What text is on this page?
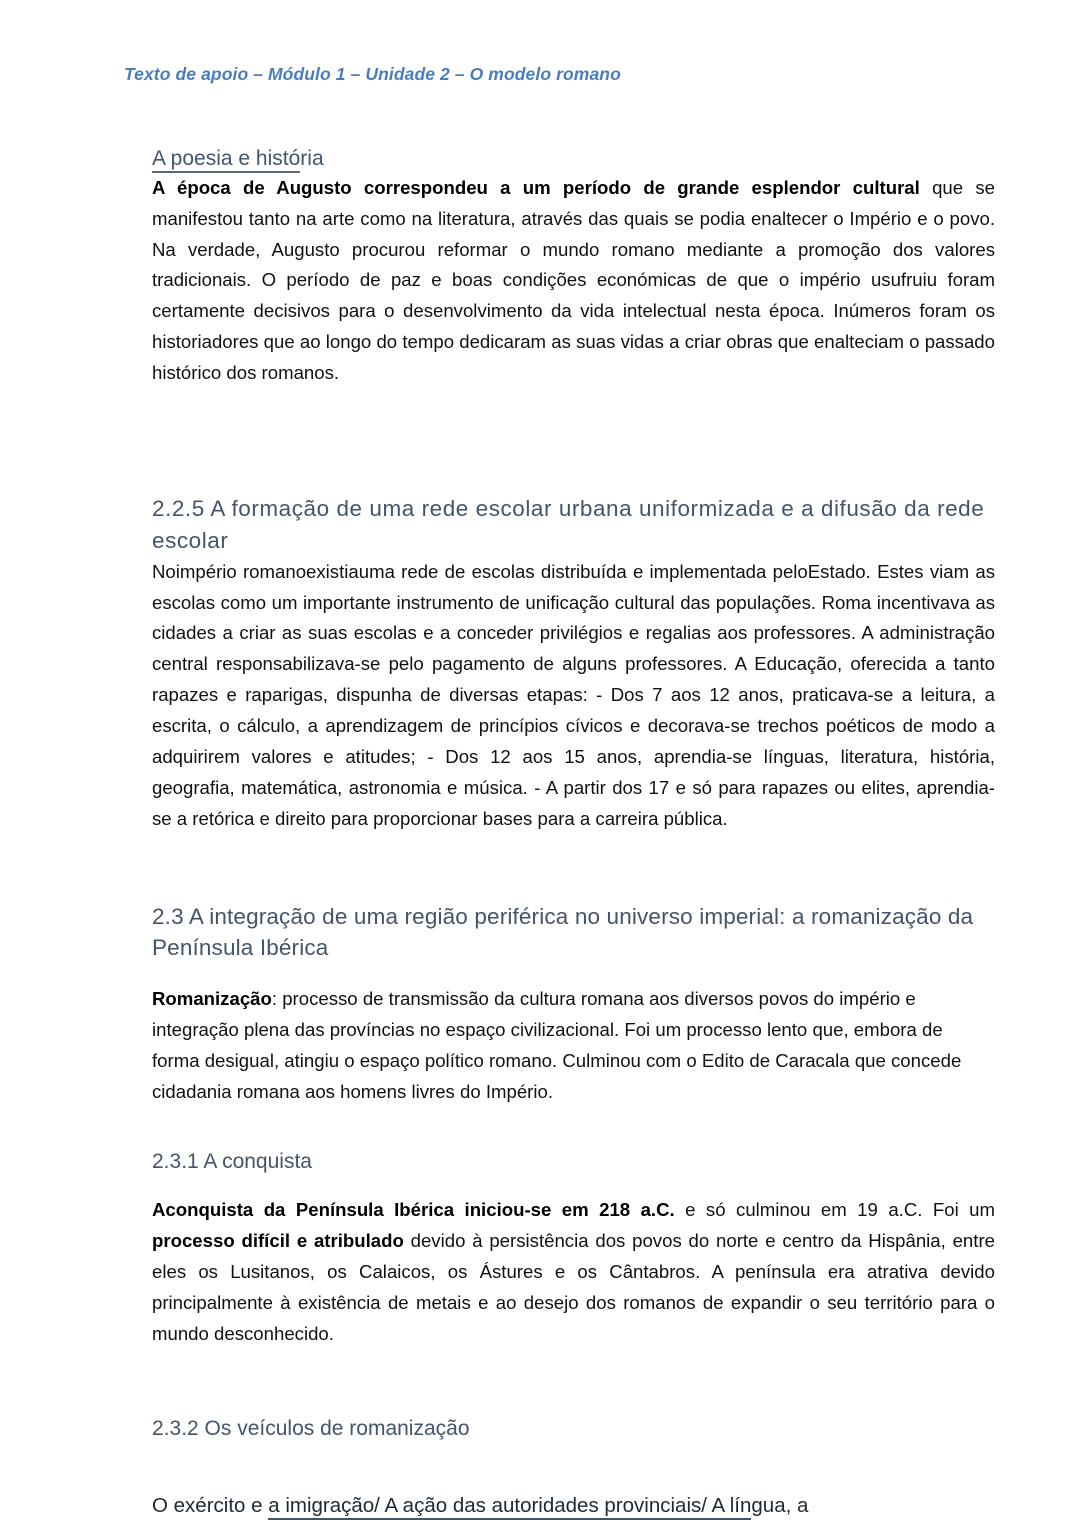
Texto de apoio – Módulo 1 – Unidade 2 – O modelo romano
A poesia e história

A época de Augusto correspondeu a um período de grande esplendor cultural que se manifestou tanto na arte como na literatura, através das quais se podia enaltecer o Império e o povo. Na verdade, Augusto procurou reformar o mundo romano mediante a promoção dos valores tradicionais. O período de paz e boas condições económicas de que o império usufruiu foram certamente decisivos para o desenvolvimento da vida intelectual nesta época. Inúmeros foram os historiadores que ao longo do tempo dedicaram as suas vidas a criar obras que enalteciam o passado histórico dos romanos.

2.2.5 A formação de uma rede escolar urbana uniformizada e a difusão da rede escolar

Noimpério romanoexistiauma rede de escolas distribuída e implementada peloEstado. Estes viam as escolas como um importante instrumento de unificação cultural das populações. Roma incentivava as cidades a criar as suas escolas e a conceder privilégios e regalias aos professores. A administração central responsabilizava-se pelo pagamento de alguns professores. A Educação, oferecida a tanto rapazes e raparigas, dispunha de diversas etapas: - Dos 7 aos 12 anos, praticava-se a leitura, a escrita, o cálculo, a aprendizagem de princípios cívicos e decorava-se trechos poéticos de modo a adquirirem valores e atitudes; - Dos 12 aos 15 anos, aprendia-se línguas, literatura, história, geografia, matemática, astronomia e música. - A partir dos 17 e só para rapazes ou elites, aprendia-se a retórica e direito para proporcionar bases para a carreira pública.

2.3 A integração de uma região periférica no universo imperial: a romanização da Península Ibérica

Romanização: processo de transmissão da cultura romana aos diversos povos do império e integração plena das províncias no espaço civilizacional. Foi um processo lento que, embora de forma desigual, atingiu o espaço político romano. Culminou com o Edito de Caracala que concede cidadania romana aos homens livres do Império.

2.3.1 A conquista

Aconquista da Península Ibérica iniciou-se em 218 a.C. e só culminou em 19 a.C. Foi um processo difícil e atribulado devido à persistência dos povos do norte e centro da Hispânia, entre eles os Lusitanos, os Calaicos, os Ástures e os Cântabros. A península era atrativa devido principalmente à existência de metais e ao desejo dos romanos de expandir o seu território para o mundo desconhecido.

2.3.2 Os veículos de romanização

O exército e a imigração/ A ação das autoridades provinciais/ A língua, a
